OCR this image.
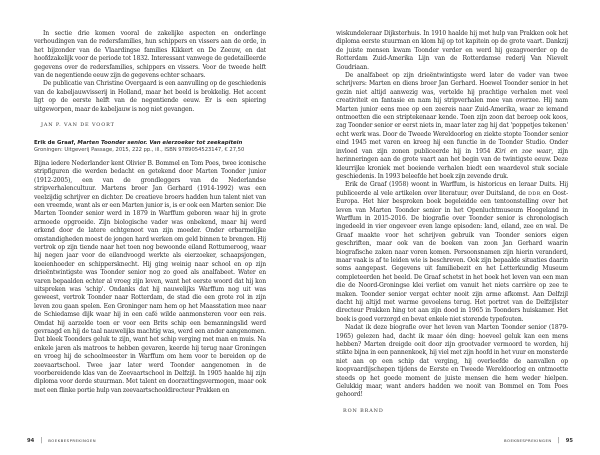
In sectie drie komen vooral de zakelijke aspecten en onderlinge verhoudingen van de redersfamilies, hun schippers en vissers aan de orde, in het bijzonder van de Vlaardingse families Kikkert en De Zeeuw, en dat hoofdzakelijk voor de periode tot 1832. Interessant vanwege de gedetailleerde gegevens over de redersfamilies, schippers en vissers. Voor de tweede helft van de negentiende eeuw zijn de gegevens echter schaars.

De publicatie van Christine Overgaard is een aanvulling op de geschiedenis van de kabeljauwvisserij in Holland, maar het beeld is brokkelig. Het accent ligt op de eerste helft van de negentiende eeuw. Er is een spiering uitgeworpen, maar de kabeljauw is nog niet gevangen.

JAN P. VAN DE VOORT
Erik de Graaf, Marten Toonder senior. Van eierzoeker tot zeekapitein
Groningen: Uitgeverij Passage, 2015, 222 pp., ill., ISBN 9789054523147, € 27,50

Bijna iedere Nederlander kent Olivier B. Bommel en Tom Poes, twee iconische stripfiguren die werden bedacht en getekend door Marten Toonder junior (1912-2005), een van de grondleggers van de Nederlandse stripverhalencultuur. Martens broer Jan Gerhard (1914-1992) was een veelzijdig schrijver en dichter. De creatieve broers hadden hun talent niet van een vreemde, want als er een Marten junior is, is er ook een Marten senior. Die Marten Toonder senior werd in 1879 in Warffum geboren waar hij in grote armoede opgroeide. Zijn biologische vader was onbekend, maar hij werd erkend door de latere echtgenoot van zijn moeder. Onder erbarmelijke omstandigheden moest de jongen hard werken om geld binnen te brengen. Hij vertrok op zijn tiende naar het toen nog bewoonde eiland Rottumeroog, waar hij negen jaar voor de eilandvoogd werkte als eierzoeker, schaapsjongen, koeienhoeder en schippersknecht. Hij ging weinig naar school en op zijn drieëntwintigste was Toonder senior nog zo goed als analfabeet. Water en varen bepaalden echter al vroeg zijn leven, want het eerste woord dat hij kon uitspreken was 'schip'. Ondanks dat hij nauwelijks Warffum nog uit was geweest, vertrok Toonder naar Rotterdam, de stad die een grote rol in zijn leven zou gaan spelen. Een Groninger nam hem op het Maasstation mee naar de Schiedamse dijk waar hij in een café wilde aanmonsteren voor een reis. Omdat hij aarzelde toen er voor een Brits schip een bemanningslid werd gevraagd en hij de taal nauwelijks machtig was, werd een ander aangenomen. Dat bleek Toonders geluk te zijn, want het schip verging met man en muis. Na enkele jaren als matroos te hebben gevaren, keerde hij terug naar Groningen en vroeg hij de schoolmeester in Warffum om hem voor te bereiden op de zeevaartschool. Twee jaar later werd Toonder aangenomen in de voorbereidende klas van de Zeevaartschool in Delfzijl. In 1905 haalde hij zijn diploma voor derde stuurman. Met talent en doorzettingsvermogen, maar ook met een flinke portie hulp van zeevaartschooldirecteur Prakken en

94 | BOEKBESPREKINGEN

wiskundeleraar Dijksterhuis. In 1910 haalde hij met hulp van Prakken ook het diploma eerste stuurman en klom hij op tot kapitein op de grote vaart. Dankzij de juiste mensen kwam Toonder verder en werd hij gezagvoerder op de Rotterdam Zuid-Amerika Lijn van de Rotterdamse rederij Van Nievelt Goudriaan.

De analfabeet op zijn drieëntwintigste werd later de vader van twee schrijvers: Marten en diens broer Jan Gerhard. Hoewel Toonder senior in het gezin niet altijd aanwezig was, vertelde hij prachtige verhalen met veel creativiteit en fantasie en nam hij stripverhalen mee van overzee. Hij nam Marten junior eens mee op een zeereis naar Zuid-Amerika, waar ze iemand ontmoetten die een striptekenaar kende. Toen zijn zoon dat beroep ook koos, zag Toonder senior er eerst niets in, maar later zag hij dat 'poppetjes tekenen' echt werk was. Door de Tweede Wereldoorlog en ziekte stopte Toonder senior eind 1945 met varen en kreeg hij een functie in de Toonder Studio. Onder invloed van zijn zonen publiceerde hij in 1954 Kiri en zoe waar, zijn herinneringen aan de grote vaart aan het begin van de twintigste eeuw. Deze kleurrijke kroniek met boeiende verhalen biedt een waardevol stuk sociale geschiedenis. In 1993 beleefde het boek zijn zevende druk.

Erik de Graaf (1958) woont in Warffum, is historicus en leraar Duits. Hij publiceerde al vele artikelen over literatuur, over Duitsland, de DDR en Oost-Europa. Het hier besproken boek begeleidde een tentoonstelling over het leven van Marten Toonder senior in het Openluchtmuseum Hoogeland in Warffum in 2015-2016. De biografie over Toonder senior is chronologisch ingedeeld in vier ongeveer even lange episoden: land, eiland, zee en wal. De Graaf maakte voor het schrijven gebruik van Toonder seniors eigen geschriften, maar ook van de boeken van zoon Jan Gerhard waarin biografische zaken naar voren komen. Persoonsnamen zijn hierin veranderd, maar vaak is af te leiden wie is beschreven. Ook zijn bepaalde situaties daarin soms aangepast. Gegevens uit familiebezit en het Letterkundig Museum completeerden het beeld. De Graaf schetst in het boek het leven van een man die de Noord-Groningse klei verliet om vanuit het niets carrière op zee te maken. Toonder senior vergat echter nooit zijn arme afkomst. Aan Delfzijl dacht hij altijd met warme gevoelens terug. Het portret van de Delfzijlster directeur Prakken hing tot aan zijn dood in 1965 in Toonders huiskamer. Het boek is goed verzorgd en bevat enkele niet storende typefouten.

Nadat ik deze biografie over het leven van Marten Toonder senior (1879-1965) gelezen had, dacht ik maar één ding: hoeveel geluk kan een mens hebben? Marten dreigde ooit door zijn grootvader vermoord te worden, hij stikte bijna in een pannenkoek, hij viel met zijn hoofd in het vuur en monsterde niet aan op een schip dat verging, hij overleefde de aanvallen op koopvaardijschepen tijdens de Eerste en Tweede Wereldoorlog en ontmoette steeds op het goede moment de juiste mensen die hem weder hielpen. Gelukkig maar, want anders hadden we nooit van Bommel en Tom Poes gehoord!

RON BRAND
BOEKBESPREKINGEN | 95
